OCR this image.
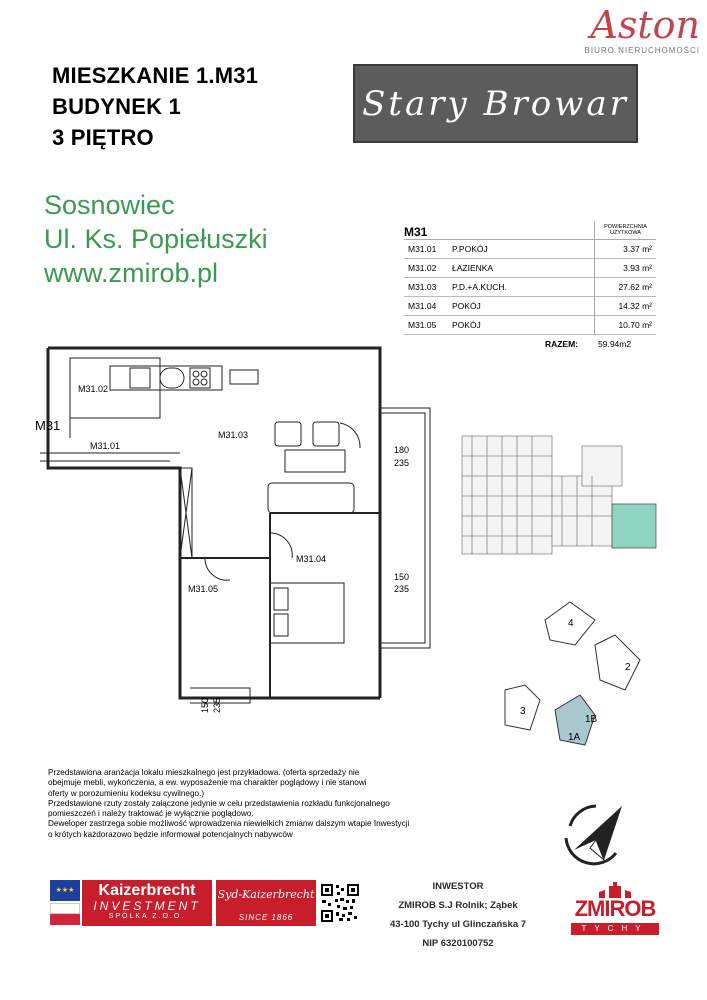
MIESZKANIE 1.M31
BUDYNEK 1
3 PIĘTRO
Stary Browar
Aston
BIURO NIERUCHOMOŚCI
Sosnowiec
Ul. Ks. Popiełuszki
www.zmirob.pl
M31	POWIERZCHNIA UŻYTKOWA
M31.01	P.POKÓJ	3.37 m²
M31.02	ŁAZIENKA	3.93 m²
M31.03	P.D.+A.KUCH.	27.62 m²
M31.04	POKÓJ	14.32 m²
M31.05	POKÓJ	10.70 m²
RAZEM:	59.94m2
M31
M31.01
M31.02
M31.03
M31.04
M31.05
180
235
150
235
150 235
4
2
3
1B
1A

Przedstawiona aranżacja lokalu mieszkalnego jest przykładowa. (oferta sprzedaży nie

obejmuje mebli, wykończenia, a ew. wyposażenie ma charakter poglądowy i nie stanowi

oferty w porozumieniu kodeksu cywilnego.)

Przedstawione rzuty zostały załączone jedynie w celu przedstawienia rozkładu funkcjonalnego

pomieszczeń i należy traktować je wyłącznie poglądowo.

Deweloper zastrzega sobie możliwość wprowadzenia niewielkich zmianw dalszym wtapie Inwestycji

o krótych każdorazowo będzie informował potencjalnych nabywców

★★★	Kaizerbrecht
INVESTMENT
SPÓŁKA Z.O.O.
Syd-Kaizerbrecht
SINCE 1866
INWESTOR
ZMIROB S.J Rolnik; Ząbek
43-100 Tychy ul Glinczańska 7
NIP 6320100752
ZMIROB
TYCHY
